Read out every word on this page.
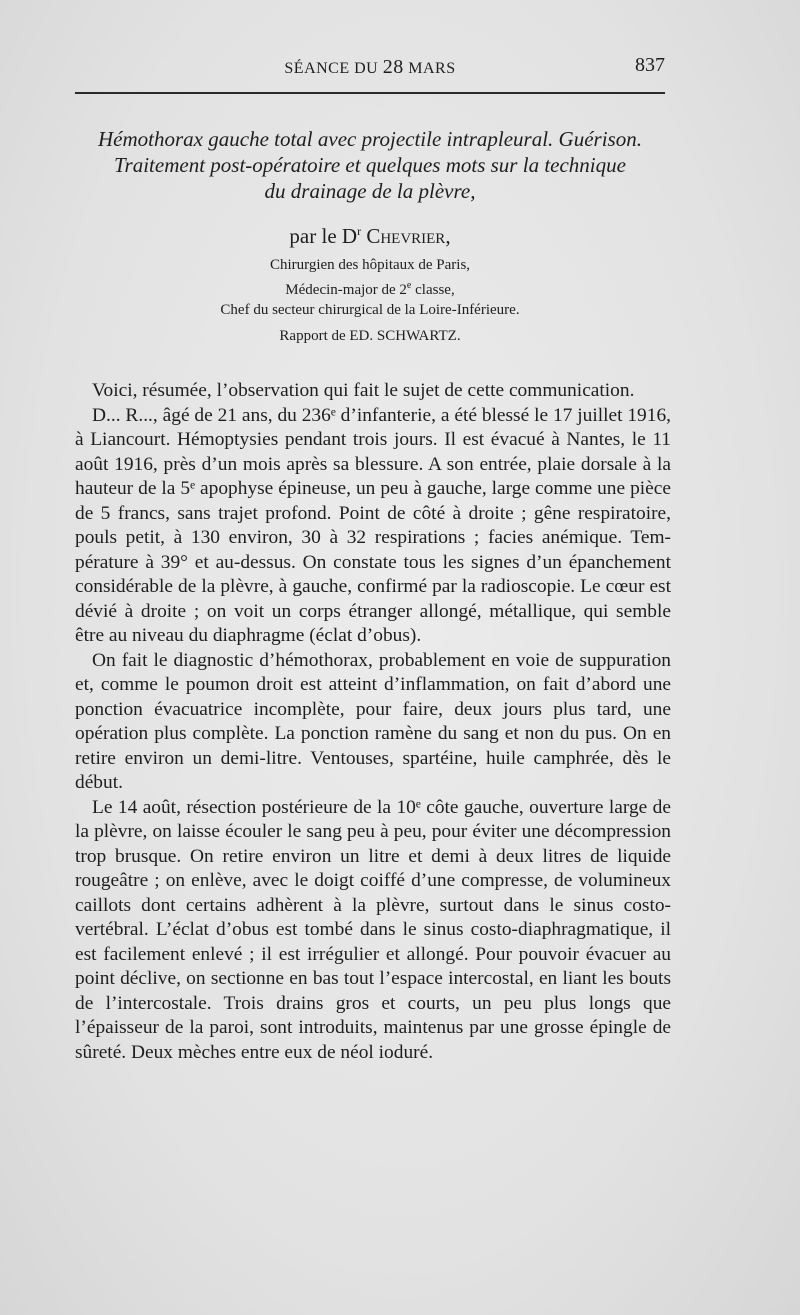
SÉANCE DU 28 MARS	837
Hémothorax gauche total avec projectile intrapleural. Guérison.
Traitement post-opératoire et quelques mots sur la technique
du drainage de la plèvre,
par le $D^r$ Chevrier,
Chirurgien des hôpitaux de Paris,
Médecin-major de 2e classe,
Chef du secteur chirurgical de la Loire-Inférieure.
Rapport de ED. SCHWARTZ.

Voici, résumée, l’observation qui fait le sujet de cette communication.

D... R..., âgé de 21 ans, du 236ᵉ d’infanterie, a été blessé le 17 juillet 1916, à Liancourt. Hémoptysies pendant trois jours. Il est évacué à Nantes, le 11 août 1916, près d’un mois après sa blessure. A son entrée, plaie dorsale à la hauteur de la 5ᵉ apophyse épineuse, un peu à gauche, large comme une pièce de 5 francs, sans trajet profond. Point de côté à droite ; gêne respiratoire, pouls petit, à 130 environ, 30 à 32 respirations ; facies anémique. Température à 39° et au-dessus. On constate tous les signes d’un épanchement considérable de la plèvre, à gauche, confirmé par la radioscopie. Le cœur est dévié à droite ; on voit un corps étranger allongé, métallique, qui semble être au niveau du diaphragme (éclat d’obus).

On fait le diagnostic d’hémothorax, probablement en voie de suppuration et, comme le poumon droit est atteint d’inflammation, on fait d’abord une ponction évacuatrice incomplète, pour faire, deux jours plus tard, une opération plus complète. La ponction ramène du sang et non du pus. On en retire environ un demi-litre. Ventouses, spartéine, huile camphrée, dès le début.

Le 14 août, résection postérieure de la 10ᵉ côte gauche, ouverture large de la plèvre, on laisse écouler le sang peu à peu, pour éviter une décompression trop brusque. On retire environ un litre et demi à deux litres de liquide rougeâtre ; on enlève, avec le doigt coiffé d’une compresse, de volumineux caillots dont certains adhèrent à la plèvre, surtout dans le sinus costo-vertébral. L’éclat d’obus est tombé dans le sinus costo-diaphragmatique, il est facilement enlevé ; il est irrégulier et allongé. Pour pouvoir évacuer au point déclive, on sectionne en bas tout l’espace intercostal, en liant les bouts de l’intercostale. Trois drains gros et courts, un peu plus longs que l’épaisseur de la paroi, sont introduits, maintenus par une grosse épingle de sûreté. Deux mèches entre eux de néol ioduré.
